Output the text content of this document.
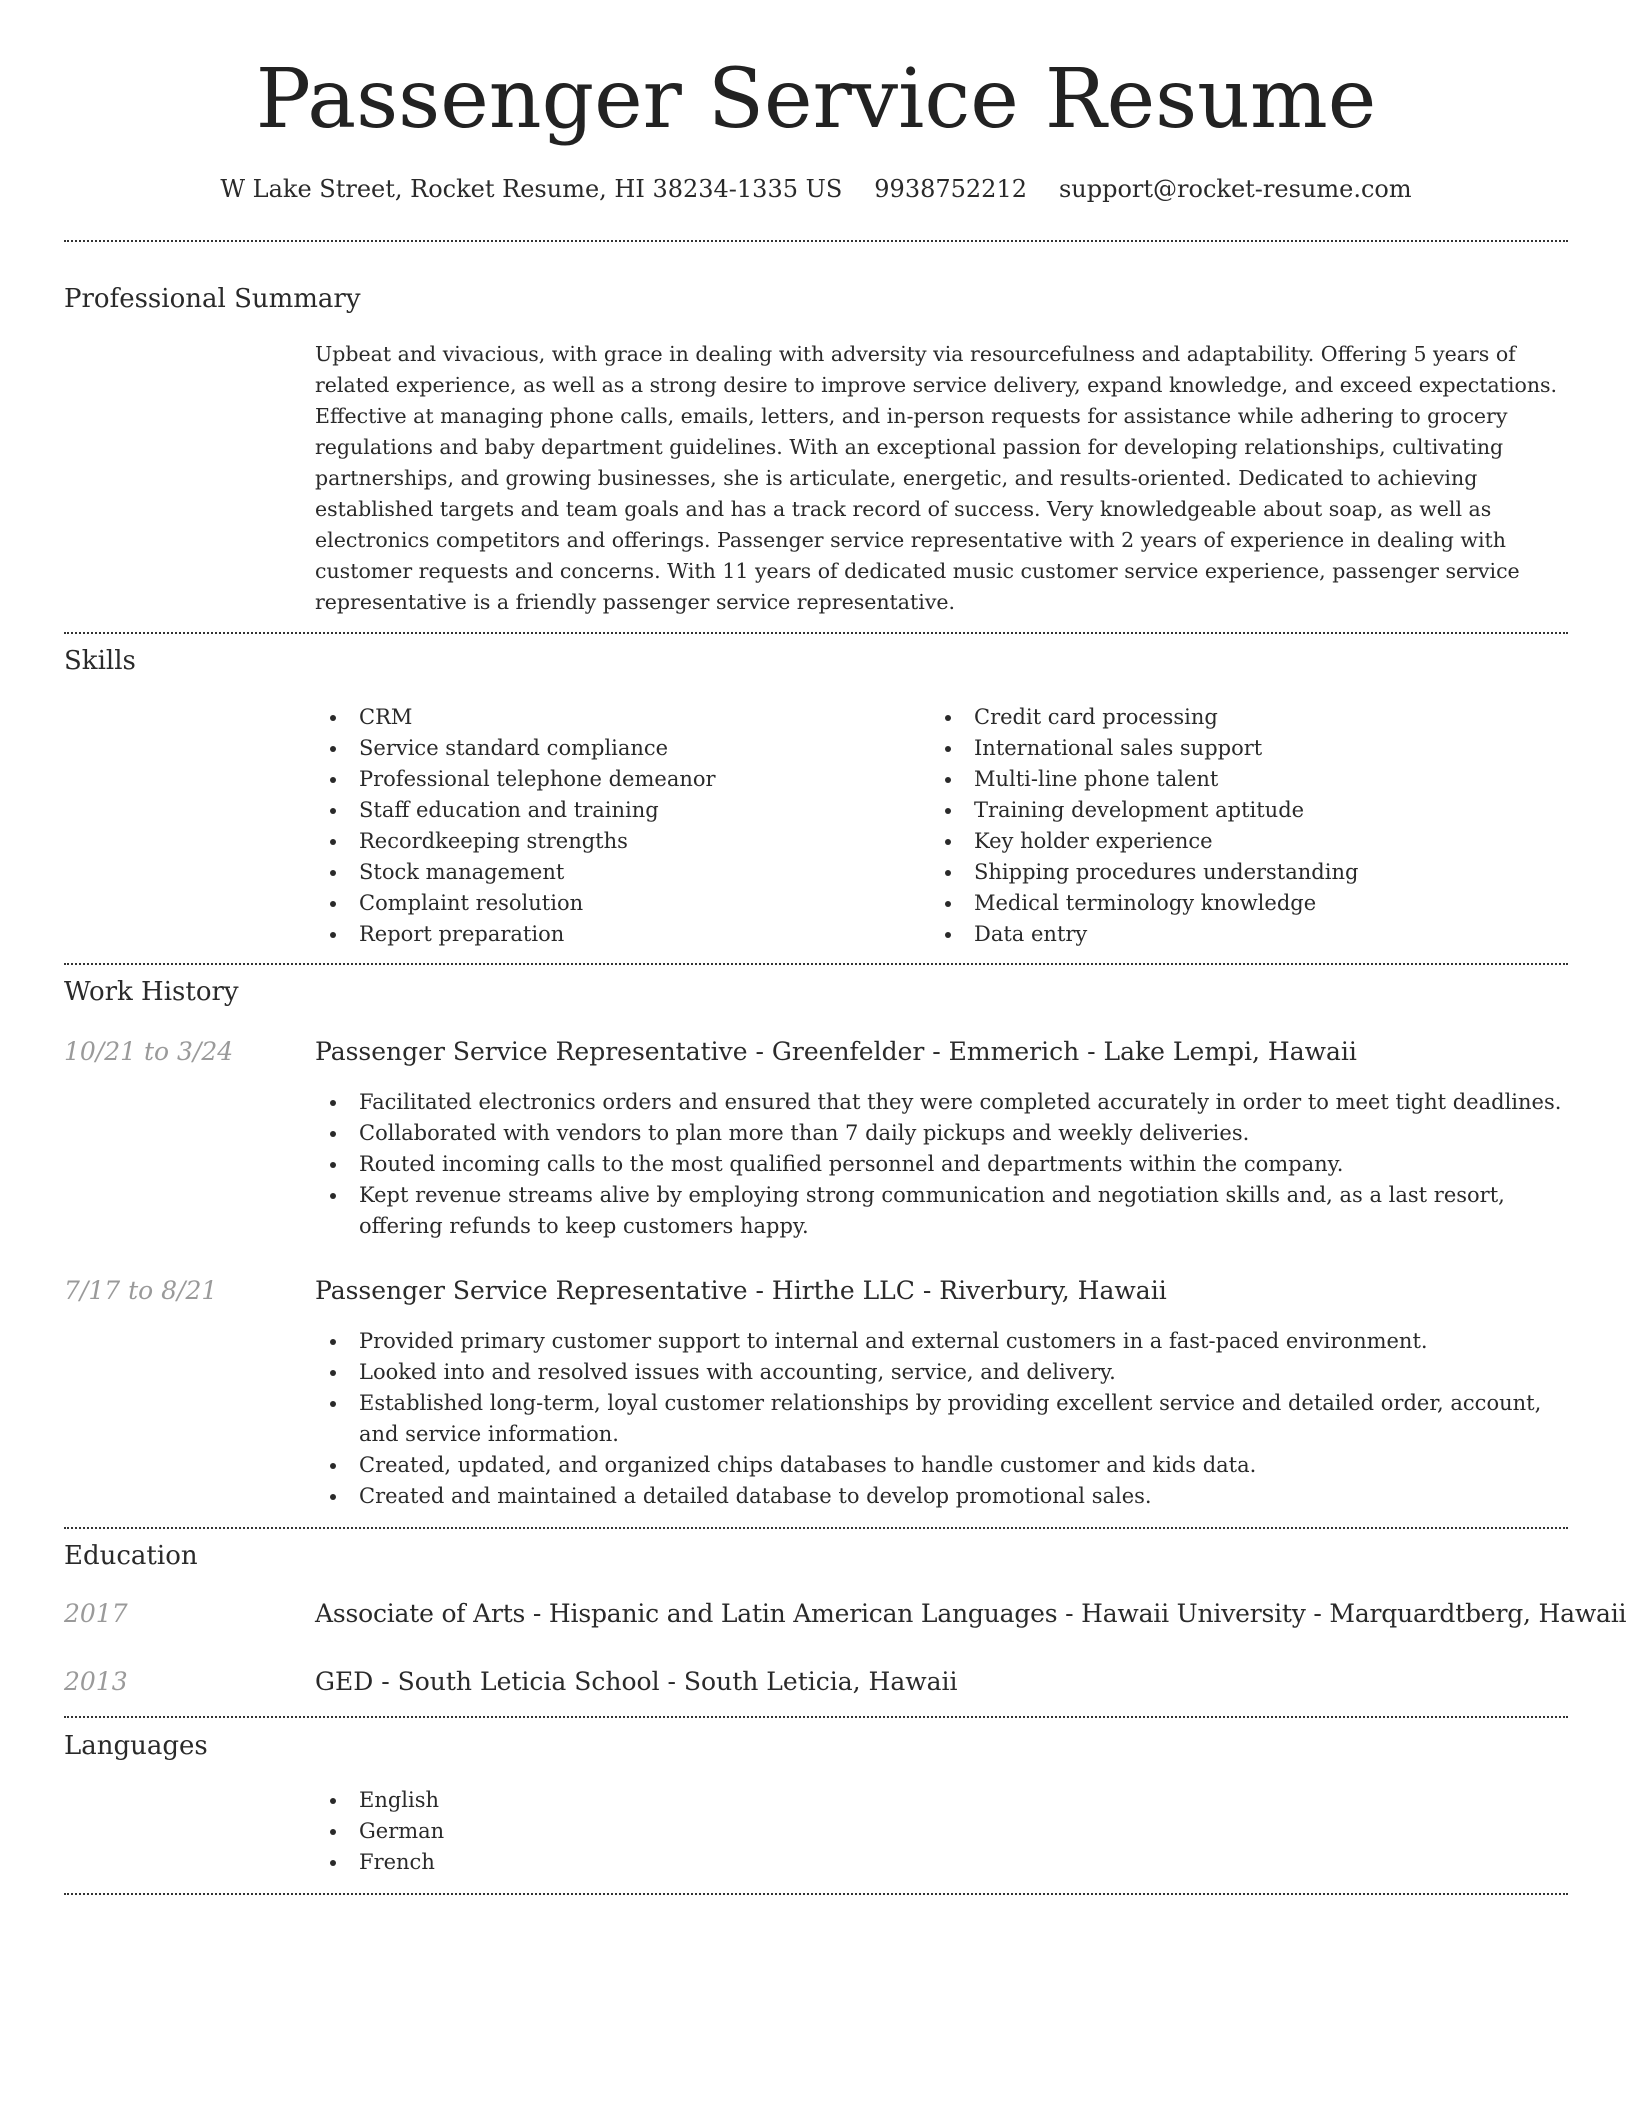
Passenger Service Resume
W Lake Street, Rocket Resume, HI 38234-1335 US 9938752212 support@rocket-resume.com
Professional Summary

Upbeat and vivacious, with grace in dealing with adversity via resourcefulness and adaptability. Offering 5 years of related experience, as well as a strong desire to improve service delivery, expand knowledge, and exceed expectations. Effective at managing phone calls, emails, letters, and in-person requests for assistance while adhering to grocery regulations and baby department guidelines. With an exceptional passion for developing relationships, cultivating partnerships, and growing businesses, she is articulate, energetic, and results-oriented. Dedicated to achieving established targets and team goals and has a track record of success. Very knowledgeable about soap, as well as electronics competitors and offerings. Passenger service representative with 2 years of experience in dealing with customer requests and concerns. With 11 years of dedicated music customer service experience, passenger service representative is a friendly passenger service representative.

Skills
CRM
Service standard compliance
Professional telephone demeanor
Staff education and training
Recordkeeping strengths
Stock management
Complaint resolution
Report preparation
Credit card processing
International sales support
Multi-line phone talent
Training development aptitude
Key holder experience
Shipping procedures understanding
Medical terminology knowledge
Data entry
Work History
10/21 to 3/24	Passenger Service Representative - Greenfelder - Emmerich - Lake Lempi, Hawaii
Facilitated electronics orders and ensured that they were completed accurately in order to meet tight deadlines.
Collaborated with vendors to plan more than 7 daily pickups and weekly deliveries.
Routed incoming calls to the most qualified personnel and departments within the company.
Kept revenue streams alive by employing strong communication and negotiation skills and, as a last resort, offering refunds to keep customers happy.
7/17 to 8/21	Passenger Service Representative - Hirthe LLC - Riverbury, Hawaii
Provided primary customer support to internal and external customers in a fast-paced environment.
Looked into and resolved issues with accounting, service, and delivery.
Established long-term, loyal customer relationships by providing excellent service and detailed order, account, and service information.
Created, updated, and organized chips databases to handle customer and kids data.
Created and maintained a detailed database to develop promotional sales.
Education
2017	Associate of Arts - Hispanic and Latin American Languages - Hawaii University - Marquardtberg, Hawaii
2013	GED - South Leticia School - South Leticia, Hawaii
Languages
English
German
French
